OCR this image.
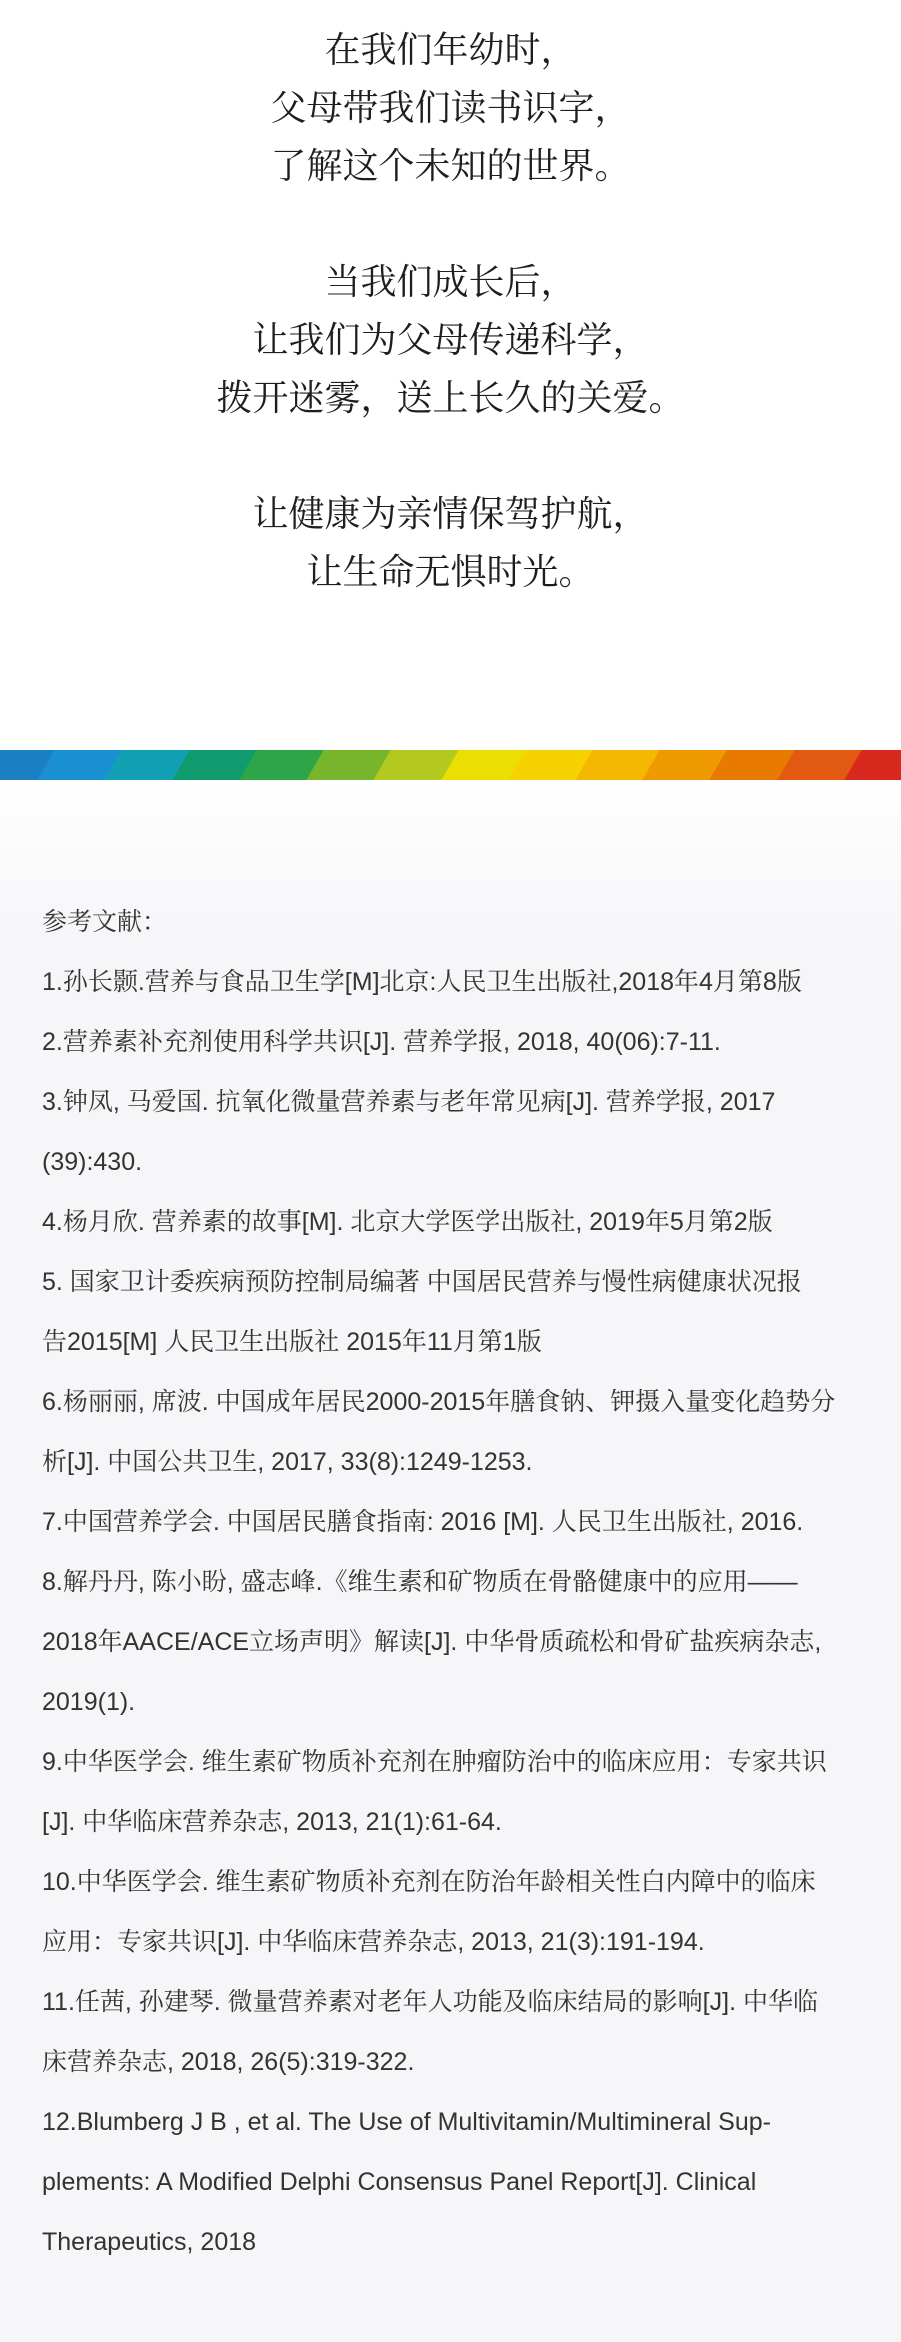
在我们年幼时，
父母带我们读书识字，
了解这个未知的世界。
当我们成长后，
让我们为父母传递科学，
拨开迷雾，送上长久的关爱。
让健康为亲情保驾护航，
让生命无惧时光。
参考文献：
1.孙长颢.营养与食品卫生学[M]北京:人民卫生出版社,2018年4月第8版
2.营养素补充剂使用科学共识[J]. 营养学报, 2018, 40(06):7-11.
3.钟凤, 马爱国. 抗氧化微量营养素与老年常见病[J]. 营养学报, 2017
(39):430.
4.杨月欣. 营养素的故事[M]. 北京大学医学出版社, 2019年5月第2版
5. 国家卫计委疾病预防控制局编著 中国居民营养与慢性病健康状况报
告2015[M] 人民卫生出版社 2015年11月第1版
6.杨丽丽, 席波. 中国成年居民2000-2015年膳食钠、钾摄入量变化趋势分
析[J]. 中国公共卫生, 2017, 33(8):1249-1253.
7.中国营养学会. 中国居民膳食指南: 2016 [M]. 人民卫生出版社, 2016.
8.解丹丹, 陈小盼, 盛志峰.《维生素和矿物质在骨骼健康中的应用——
2018年AACE/ACE立场声明》解读[J]. 中华骨质疏松和骨矿盐疾病杂志,
2019(1).
9.中华医学会. 维生素矿物质补充剂在肿瘤防治中的临床应用：专家共识
[J]. 中华临床营养杂志, 2013, 21(1):61-64.
10.中华医学会. 维生素矿物质补充剂在防治年龄相关性白内障中的临床
应用：专家共识[J]. 中华临床营养杂志, 2013, 21(3):191-194.
11.任茜, 孙建琴. 微量营养素对老年人功能及临床结局的影响[J]. 中华临
床营养杂志, 2018, 26(5):319-322.
12.Blumberg J B , et al. The Use of Multivitamin/Multimineral Sup-
plements: A Modified Delphi Consensus Panel Report[J]. Clinical
Therapeutics, 2018
